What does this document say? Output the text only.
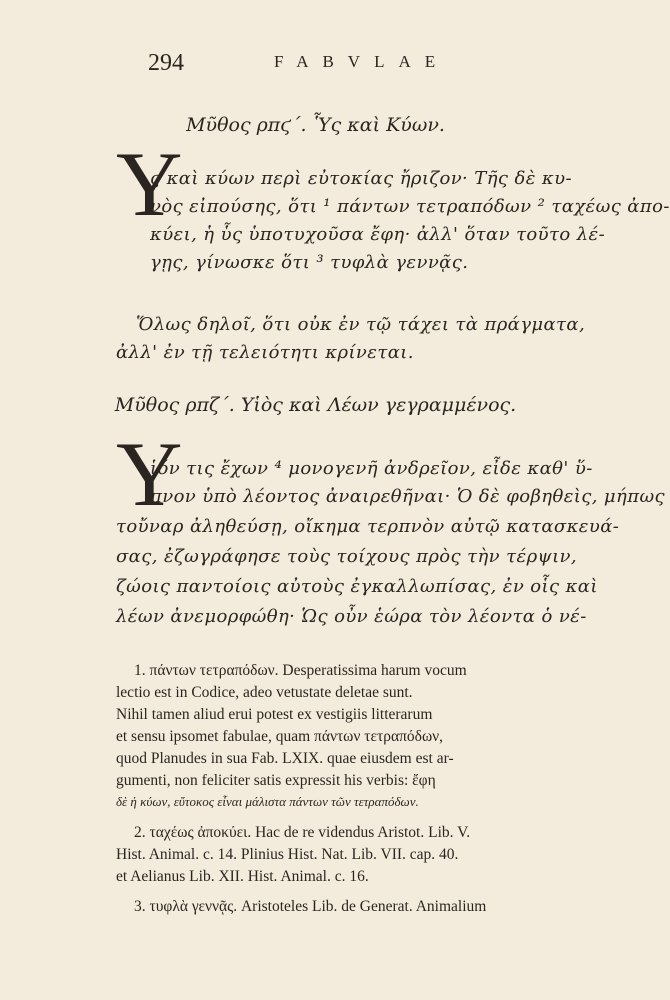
294	FABVLAE
Μῦθος ρπϛ΄. Ὗς καὶ Κύων.
Υ
ς καὶ κύων περὶ εὐτοκίας ἤριζον· Τῆς δὲ κυ-
νὸς εἰπούσης, ὅτι ¹ πάντων τετραπόδων ² ταχέως ἀπο-
κύει, ἡ ὗς ὑποτυχοῦσα ἔφη· ἀλλ' ὅταν τοῦτο λέ-
γῃς, γίνωσκε ὅτι ³ τυφλὰ γεννᾷς.
Ὅλως δηλοῖ, ὅτι οὐκ ἐν τῷ τάχει τὰ πράγματα,
ἀλλ' ἐν τῇ τελειότητι κρίνεται.
Μῦθος ρπζ΄. Υἱὸς καὶ Λέων γεγραμμένος.
Υ
ἱόν τις ἔχων ⁴ μονογενῆ ἀνδρεῖον, εἶδε καθ' ὕ-
πνον ὑπὸ λέοντος ἀναιρεθῆναι· Ὁ δὲ φοβηθεὶς, μήπως
τοὔναρ ἀληθεύσῃ, οἴκημα τερπνὸν αὐτῷ κατασκευά-
σας, ἐζωγράφησε τοὺς τοίχους πρὸς τὴν τέρψιν,
ζώοις παντοίοις αὐτοὺς ἐγκαλλωπίσας, ἐν οἷς καὶ
λέων ἀνεμορφώθη· Ὡς οὖν ἑώρα τὸν λέοντα ὁ νέ-
1. πάντων τετραπόδων. Desperatissima harum vocum
lectio est in Codice, adeo vetustate deletae sunt.
Nihil tamen aliud erui potest ex vestigiis litterarum
et sensu ipsomet fabulae, quam πάντων τετραπόδων,
quod Planudes in sua Fab. LXIX. quae eiusdem est ar-
gumenti, non feliciter satis expressit his verbis: ἔφη
δὲ ἡ κύων, εὔτοκος εἶναι μάλιστα πάντων τῶν τετραπόδων.
2. ταχέως ἀποκύει. Hac de re videndus Aristot. Lib. V.
Hist. Animal. c. 14. Plinius Hist. Nat. Lib. VII. cap. 40.
et Aelianus Lib. XII. Hist. Animal. c. 16.
3. τυφλὰ γεννᾷς. Aristoteles Lib. de Generat. Animalium
